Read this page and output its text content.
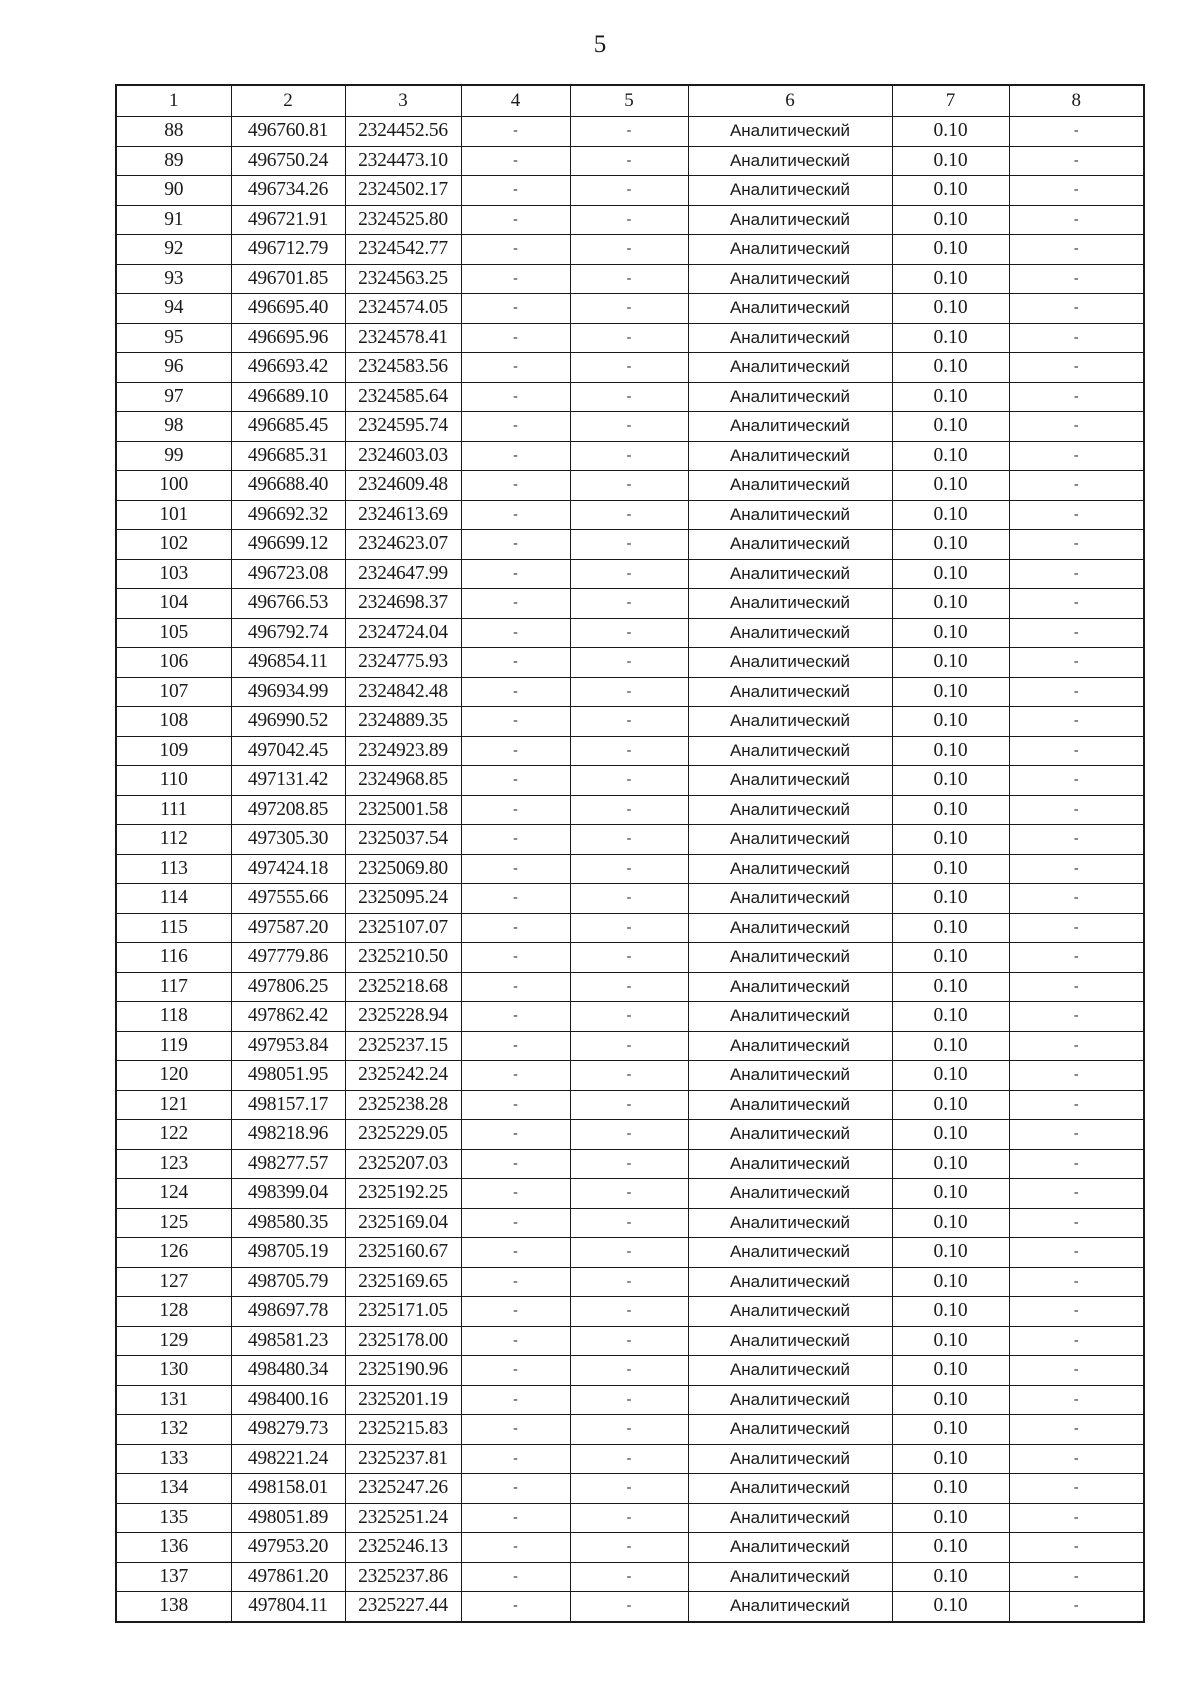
5
1	2	3	4	5	6	7	8
88	496760.81	2324452.56	-	-	Аналитический	0.10	-
89	496750.24	2324473.10	-	-	Аналитический	0.10	-
90	496734.26	2324502.17	-	-	Аналитический	0.10	-
91	496721.91	2324525.80	-	-	Аналитический	0.10	-
92	496712.79	2324542.77	-	-	Аналитический	0.10	-
93	496701.85	2324563.25	-	-	Аналитический	0.10	-
94	496695.40	2324574.05	-	-	Аналитический	0.10	-
95	496695.96	2324578.41	-	-	Аналитический	0.10	-
96	496693.42	2324583.56	-	-	Аналитический	0.10	-
97	496689.10	2324585.64	-	-	Аналитический	0.10	-
98	496685.45	2324595.74	-	-	Аналитический	0.10	-
99	496685.31	2324603.03	-	-	Аналитический	0.10	-
100	496688.40	2324609.48	-	-	Аналитический	0.10	-
101	496692.32	2324613.69	-	-	Аналитический	0.10	-
102	496699.12	2324623.07	-	-	Аналитический	0.10	-
103	496723.08	2324647.99	-	-	Аналитический	0.10	-
104	496766.53	2324698.37	-	-	Аналитический	0.10	-
105	496792.74	2324724.04	-	-	Аналитический	0.10	-
106	496854.11	2324775.93	-	-	Аналитический	0.10	-
107	496934.99	2324842.48	-	-	Аналитический	0.10	-
108	496990.52	2324889.35	-	-	Аналитический	0.10	-
109	497042.45	2324923.89	-	-	Аналитический	0.10	-
110	497131.42	2324968.85	-	-	Аналитический	0.10	-
111	497208.85	2325001.58	-	-	Аналитический	0.10	-
112	497305.30	2325037.54	-	-	Аналитический	0.10	-
113	497424.18	2325069.80	-	-	Аналитический	0.10	-
114	497555.66	2325095.24	-	-	Аналитический	0.10	-
115	497587.20	2325107.07	-	-	Аналитический	0.10	-
116	497779.86	2325210.50	-	-	Аналитический	0.10	-
117	497806.25	2325218.68	-	-	Аналитический	0.10	-
118	497862.42	2325228.94	-	-	Аналитический	0.10	-
119	497953.84	2325237.15	-	-	Аналитический	0.10	-
120	498051.95	2325242.24	-	-	Аналитический	0.10	-
121	498157.17	2325238.28	-	-	Аналитический	0.10	-
122	498218.96	2325229.05	-	-	Аналитический	0.10	-
123	498277.57	2325207.03	-	-	Аналитический	0.10	-
124	498399.04	2325192.25	-	-	Аналитический	0.10	-
125	498580.35	2325169.04	-	-	Аналитический	0.10	-
126	498705.19	2325160.67	-	-	Аналитический	0.10	-
127	498705.79	2325169.65	-	-	Аналитический	0.10	-
128	498697.78	2325171.05	-	-	Аналитический	0.10	-
129	498581.23	2325178.00	-	-	Аналитический	0.10	-
130	498480.34	2325190.96	-	-	Аналитический	0.10	-
131	498400.16	2325201.19	-	-	Аналитический	0.10	-
132	498279.73	2325215.83	-	-	Аналитический	0.10	-
133	498221.24	2325237.81	-	-	Аналитический	0.10	-
134	498158.01	2325247.26	-	-	Аналитический	0.10	-
135	498051.89	2325251.24	-	-	Аналитический	0.10	-
136	497953.20	2325246.13	-	-	Аналитический	0.10	-
137	497861.20	2325237.86	-	-	Аналитический	0.10	-
138	497804.11	2325227.44	-	-	Аналитический	0.10	-
